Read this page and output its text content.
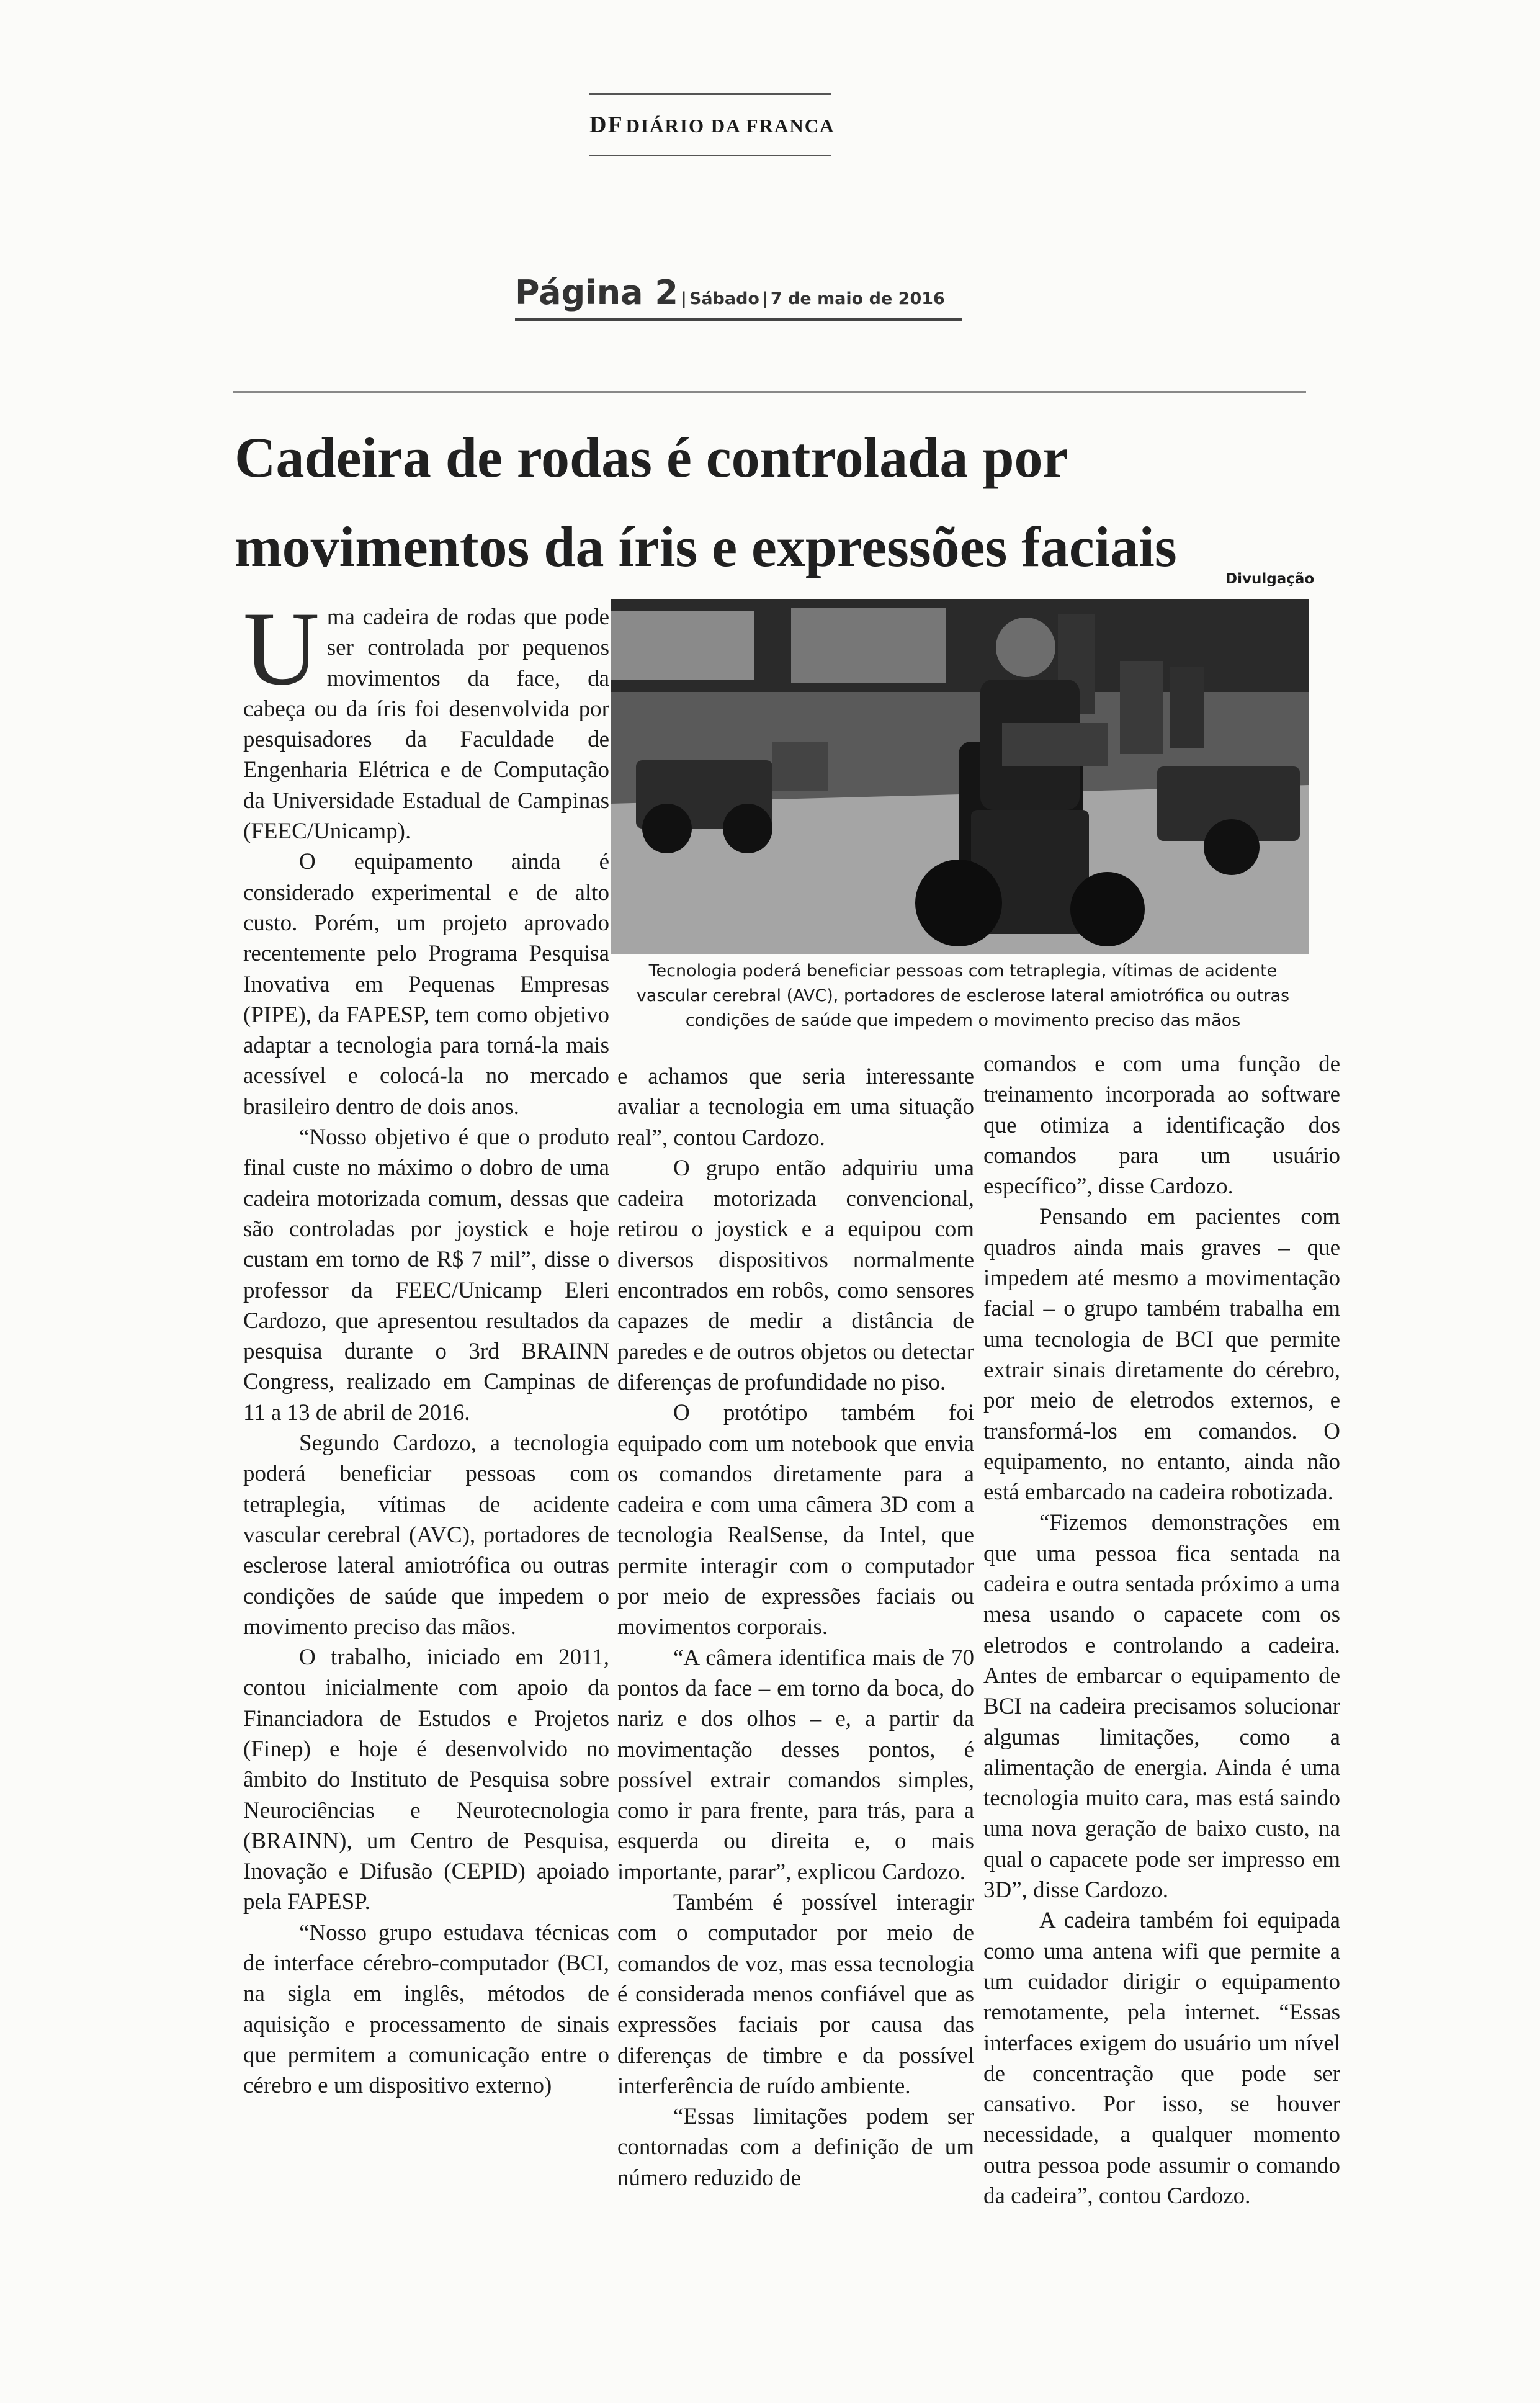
DF DIÁRIO DA FRANCA
Página 2 | Sábado | 7 de maio de 2016
Cadeira de rodas é controlada por movimentos da íris e expressões faciais
Divulgação

Tecnologia poderá beneficiar pessoas com tetraplegia, vítimas de acidente vascular cerebral (AVC), portadores de esclerose lateral amiotrófica ou outras condições de saúde que impedem o movimento preciso das mãos

Uma cadeira de rodas que pode ser controlada por pequenos movimentos da face, da cabeça ou da íris foi desenvolvida por pesquisadores da Faculdade de Engenharia Elétrica e de Computação da Universidade Estadual de Campinas (FEEC/Unicamp).

O equipamento ainda é considerado experimental e de alto custo. Porém, um projeto aprovado recentemente pelo Programa Pesquisa Inovativa em Pequenas Empresas (PIPE), da FAPESP, tem como objetivo adaptar a tecnologia para torná-la mais acessível e colocá-la no mercado brasileiro dentro de dois anos.

“Nosso objetivo é que o produto final custe no máximo o dobro de uma cadeira motorizada comum, dessas que são controladas por joystick e hoje custam em torno de R$ 7 mil”, disse o professor da FEEC/Unicamp Eleri Cardozo, que apresentou resultados da pesquisa durante o 3rd BRAINN Congress, realizado em Campinas de 11 a 13 de abril de 2016.

Segundo Cardozo, a tecnologia poderá beneficiar pessoas com tetraplegia, vítimas de acidente vascular cerebral (AVC), portadores de esclerose lateral amiotrófica ou outras condições de saúde que impedem o movimento preciso das mãos.

O trabalho, iniciado em 2011, contou inicialmente com apoio da Financiadora de Estudos e Projetos (Finep) e hoje é desenvolvido no âmbito do Instituto de Pesquisa sobre Neurociências e Neurotecnologia (BRAINN), um Centro de Pesquisa, Inovação e Difusão (CEPID) apoiado pela FAPESP.

“Nosso grupo estudava técnicas de interface cérebro-computador (BCI, na sigla em inglês, métodos de aquisição e processamento de sinais que permitem a comunicação entre o cérebro e um dispositivo externo)

e achamos que seria interessante avaliar a tecnologia em uma situação real”, contou Cardozo.

O grupo então adquiriu uma cadeira motorizada convencional, retirou o joystick e a equipou com diversos dispositivos normalmente encontrados em robôs, como sensores capazes de medir a distância de paredes e de outros objetos ou detectar diferenças de profundidade no piso.

O protótipo também foi equipado com um notebook que envia os comandos diretamente para a cadeira e com uma câmera 3D com a tecnologia RealSense, da Intel, que permite interagir com o computador por meio de expressões faciais ou movimentos corporais.

“A câmera identifica mais de 70 pontos da face – em torno da boca, do nariz e dos olhos – e, a partir da movimentação desses pontos, é possível extrair comandos simples, como ir para frente, para trás, para a esquerda ou direita e, o mais importante, parar”, explicou Cardozo.

Também é possível interagir com o computador por meio de comandos de voz, mas essa tecnologia é considerada menos confiável que as expressões faciais por causa das diferenças de timbre e da possível interferência de ruído ambiente.

“Essas limitações podem ser contornadas com a definição de um número reduzido de

comandos e com uma função de treinamento incorporada ao software que otimiza a identificação dos comandos para um usuário específico”, disse Cardozo.

Pensando em pacientes com quadros ainda mais graves – que impedem até mesmo a movimentação facial – o grupo também trabalha em uma tecnologia de BCI que permite extrair sinais diretamente do cérebro, por meio de eletrodos externos, e transformá-los em comandos. O equipamento, no entanto, ainda não está embarcado na cadeira robotizada.

“Fizemos demonstrações em que uma pessoa fica sentada na cadeira e outra sentada próximo a uma mesa usando o capacete com os eletrodos e controlando a cadeira. Antes de embarcar o equipamento de BCI na cadeira precisamos solucionar algumas limitações, como a alimentação de energia. Ainda é uma tecnologia muito cara, mas está saindo uma nova geração de baixo custo, na qual o capacete pode ser impresso em 3D”, disse Cardozo.

A cadeira também foi equipada como uma antena wifi que permite a um cuidador dirigir o equipamento remotamente, pela internet. “Essas interfaces exigem do usuário um nível de concentração que pode ser cansativo. Por isso, se houver necessidade, a qualquer momento outra pessoa pode assumir o comando da cadeira”, contou Cardozo.
